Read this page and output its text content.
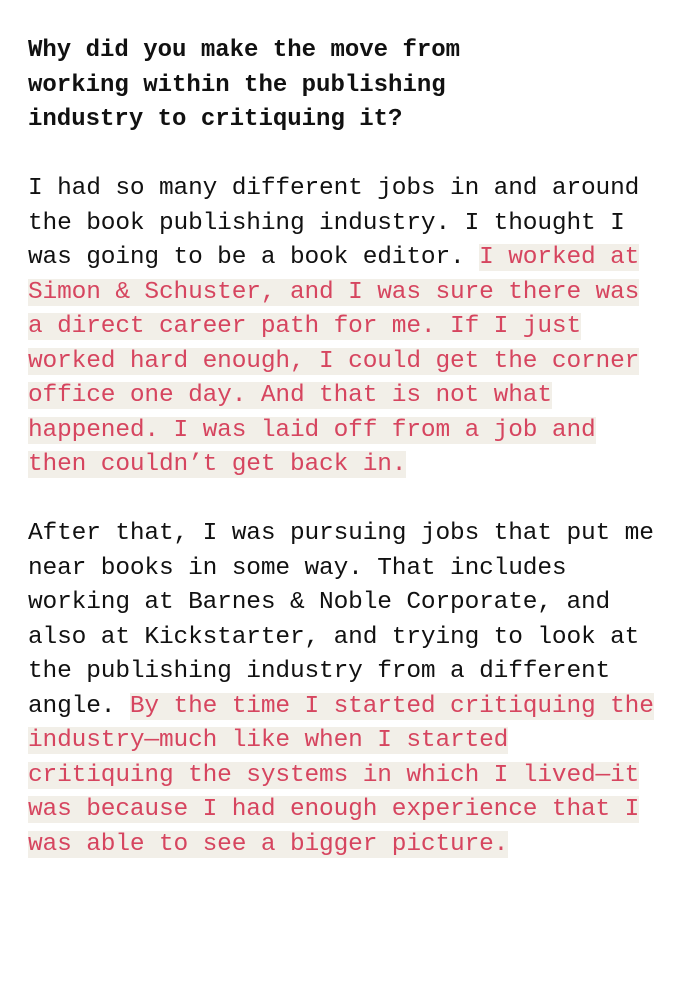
Why did you make the move from working within the publishing industry to critiquing it?

I had so many different jobs in and around the book publishing industry. I thought I was going to be a book editor. I worked at Simon & Schuster, and I was sure there was a direct career path for me. If I just worked hard enough, I could get the corner office one day. And that is not what happened. I was laid off from a job and then couldn’t get back in.

After that, I was pursuing jobs that put me near books in some way. That includes working at Barnes & Noble Corporate, and also at Kickstarter, and trying to look at the publishing industry from a different angle. By the time I started critiquing the industry—much like when I started critiquing the systems in which I lived—it was because I had enough experience that I was able to see a bigger picture.
